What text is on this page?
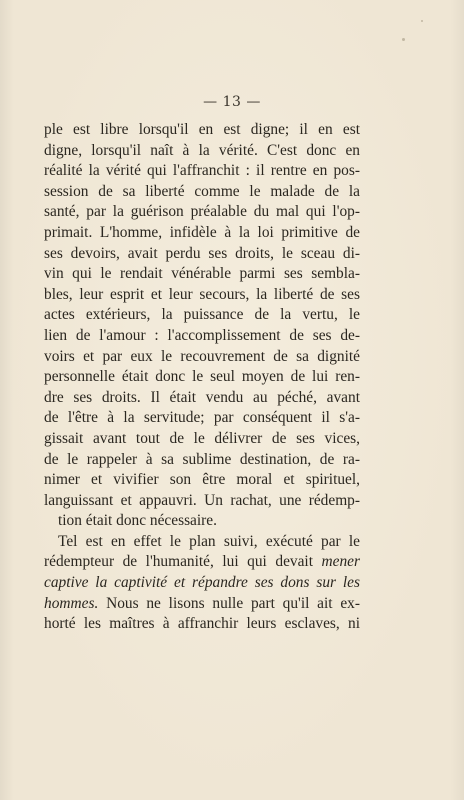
— 13 —
ple est libre lorsqu'il en est digne; il en est
digne, lorsqu'il naît à la vérité. C'est donc en
réalité la vérité qui l'affranchit : il rentre en pos-
session de sa liberté comme le malade de la
santé, par la guérison préalable du mal qui l'op-
primait. L'homme, infidèle à la loi primitive de
ses devoirs, avait perdu ses droits, le sceau di-
vin qui le rendait vénérable parmi ses sembla-
bles, leur esprit et leur secours, la liberté de ses
actes extérieurs, la puissance de la vertu, le
lien de l'amour : l'accomplissement de ses de-
voirs et par eux le recouvrement de sa dignité
personnelle était donc le seul moyen de lui ren-
dre ses droits. Il était vendu au péché, avant
de l'être à la servitude; par conséquent il s'a-
gissait avant tout de le délivrer de ses vices,
de le rappeler à sa sublime destination, de ra-
nimer et vivifier son être moral et spirituel,
languissant et appauvri. Un rachat, une rédemp-
tion était donc nécessaire.
Tel est en effet le plan suivi, exécuté par le
rédempteur de l'humanité, lui qui devait mener
captive la captivité et répandre ses dons sur les
hommes. Nous ne lisons nulle part qu'il ait ex-
horté les maîtres à affranchir leurs esclaves, ni
